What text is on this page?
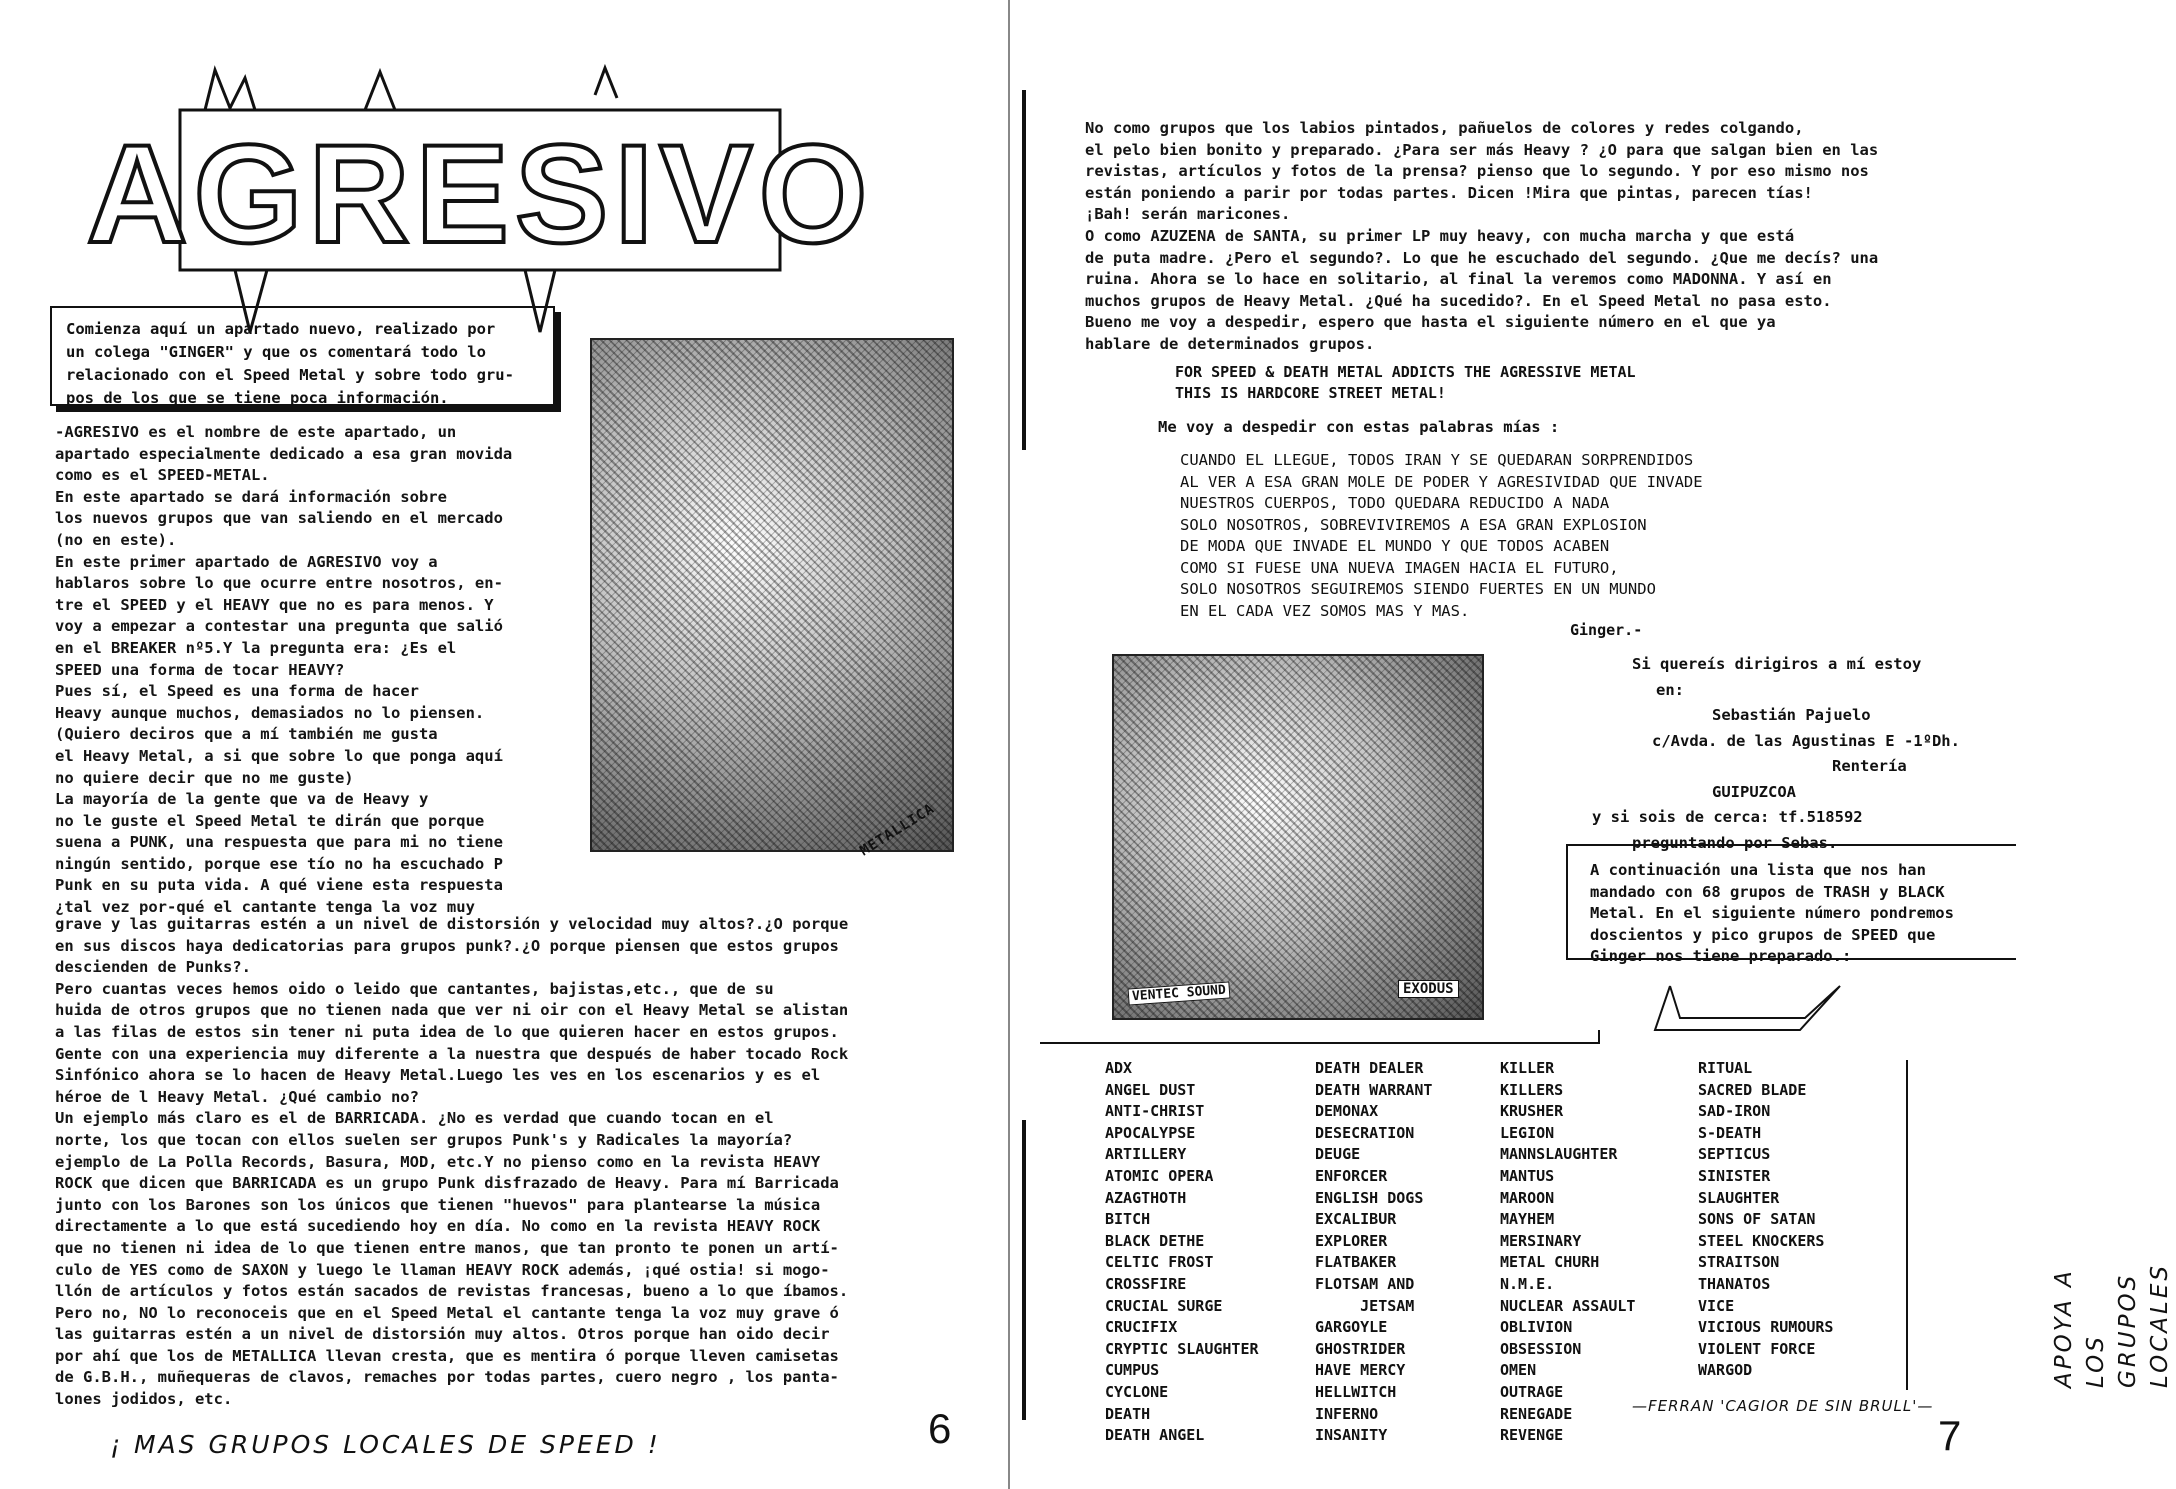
AGRESIVO
Comienza aquí un apartado nuevo, realizado por
un colega "GINGER" y que os comentará todo lo
relacionado con el Speed Metal y sobre todo gru-
pos de los que se tiene poca información.
METALLICA
-AGRESIVO es el nombre de este apartado, un
apartado especialmente dedicado a esa gran movida
como es el SPEED-METAL.
En este apartado se dará información sobre
los nuevos grupos que van saliendo en el mercado
(no en este).
En este primer apartado de AGRESIVO voy a
hablaros sobre lo que ocurre entre nosotros, en-
tre el SPEED y el HEAVY que no es para menos. Y
voy a empezar a contestar una pregunta que salió
en el BREAKER nº5.Y la pregunta era: ¿Es el
SPEED una forma de tocar HEAVY?
Pues sí, el Speed es una forma de hacer
Heavy aunque muchos, demasiados no lo piensen.
(Quiero deciros que a mí también me gusta
el Heavy Metal, a si que sobre lo que ponga aquí
no quiere decir que no me guste)
La mayoría de la gente que va de Heavy y
no le guste el Speed Metal te dirán que porque
suena a PUNK, una respuesta que para mi no tiene
ningún sentido, porque ese tío no ha escuchado P
Punk en su puta vida. A qué viene esta respuesta
¿tal vez por-qué el cantante tenga la voz muy
grave y las guitarras estén a un nivel de distorsión y velocidad muy altos?.¿O porque
en sus discos haya dedicatorias para grupos punk?.¿O porque piensen que estos grupos
descienden de Punks?.
Pero cuantas veces hemos oido o leido que cantantes, bajistas,etc., que de su
huida de otros grupos que no tienen nada que ver ni oir con el Heavy Metal se alistan
a las filas de estos sin tener ni puta idea de lo que quieren hacer en estos grupos.
Gente con una experiencia muy diferente a la nuestra que después de haber tocado Rock
Sinfónico ahora se lo hacen de Heavy Metal.Luego les ves en los escenarios y es el
héroe de l Heavy Metal. ¿Qué cambio no?
Un ejemplo más claro es el de BARRICADA. ¿No es verdad que cuando tocan en el
norte, los que tocan con ellos suelen ser grupos Punk's y Radicales la mayoría?
ejemplo de La Polla Records, Basura, MOD, etc.Y no pienso como en la revista HEAVY
ROCK que dicen que BARRICADA es un grupo Punk disfrazado de Heavy. Para mí Barricada
junto con los Barones son los únicos que tienen "huevos" para plantearse la música
directamente a lo que está sucediendo hoy en día. No como en la revista HEAVY ROCK
que no tienen ni idea de lo que tienen entre manos, que tan pronto te ponen un artí-
culo de YES como de SAXON y luego le llaman HEAVY ROCK además, ¡qué ostia! si mogo-
llón de artículos y fotos están sacados de revistas francesas, bueno a lo que íbamos.
Pero no, NO lo reconoceis que en el Speed Metal el cantante tenga la voz muy grave ó
las guitarras estén a un nivel de distorsión muy altos. Otros porque han oido decir
por ahí que los de METALLICA llevan cresta, que es mentira ó porque lleven camisetas
de G.B.H., muñequeras de clavos, remaches por todas partes, cuero negro , los panta-
lones jodidos, etc.
¡ MAS GRUPOS LOCALES DE SPEED !	6
No como grupos que los labios pintados, pañuelos de colores y redes colgando,
el pelo bien bonito y preparado. ¿Para ser más Heavy ? ¿O para que salgan bien en las
revistas, artículos y fotos de la prensa? pienso que lo segundo. Y por eso mismo nos
están poniendo a parir por todas partes. Dicen !Mira que pintas, parecen tías!
¡Bah! serán maricones.
O como AZUZENA de SANTA, su primer LP muy heavy, con mucha marcha y que está
de puta madre. ¿Pero el segundo?. Lo que he escuchado del segundo. ¿Que me decís? una
ruina. Ahora se lo hace en solitario, al final la veremos como MADONNA. Y así en
muchos grupos de Heavy Metal. ¿Qué ha sucedido?. En el Speed Metal no pasa esto.
Bueno me voy a despedir, espero que hasta el siguiente número en el que ya
hablare de determinados grupos.
FOR SPEED & DEATH METAL ADDICTS THE AGRESSIVE METAL
THIS IS HARDCORE STREET METAL!
Me voy a despedir con estas palabras mías :
CUANDO EL LLEGUE, TODOS IRAN Y SE QUEDARAN SORPRENDIDOS
AL VER A ESA GRAN MOLE DE PODER Y AGRESIVIDAD QUE INVADE
NUESTROS CUERPOS, TODO QUEDARA REDUCIDO A NADA
SOLO NOSOTROS, SOBREVIVIREMOS A ESA GRAN EXPLOSION
DE MODA QUE INVADE EL MUNDO Y QUE TODOS ACABEN
COMO SI FUESE UNA NUEVA IMAGEN HACIA EL FUTURO,
SOLO NOSOTROS SEGUIREMOS SIENDO FUERTES EN UN MUNDO
EN EL CADA VEZ SOMOS MAS Y MAS.
Ginger.-
VENTEC SOUND	EXODUS
Si quereís dirigiros a mí estoy
en:
Sebastián Pajuelo
c/Avda. de las Agustinas E -1ºDh.
Rentería
GUIPUZCOA
y si sois de cerca: tf.518592
preguntando por Sebas.
A continuación una lista que nos han
mandado con 68 grupos de TRASH y BLACK
Metal. En el siguiente número pondremos
doscientos y pico grupos de SPEED que
Ginger nos tiene preparado.:
ADX
ANGEL DUST
ANTI-CHRIST
APOCALYPSE
ARTILLERY
ATOMIC OPERA
AZAGTHOTH
BITCH
BLACK DETHE
CELTIC FROST
CROSSFIRE
CRUCIAL SURGE
CRUCIFIX
CRYPTIC SLAUGHTER
CUMPUS
CYCLONE
DEATH
DEATH ANGEL
DEATH DEALER
DEATH WARRANT
DEMONAX
DESECRATION
DEUGE
ENFORCER
ENGLISH DOGS
EXCALIBUR
EXPLORER
FLATBAKER
FLOTSAM AND
JETSAM
GARGOYLE
GHOSTRIDER
HAVE MERCY
HELLWITCH
INFERNO
INSANITY
KILLER
KILLERS
KRUSHER
LEGION
MANNSLAUGHTER
MANTUS
MAROON
MAYHEM
MERSINARY
METAL CHURH
N.M.E.
NUCLEAR ASSAULT
OBLIVION
OBSESSION
OMEN
OUTRAGE
RENEGADE
REVENGE
RITUAL
SACRED BLADE
SAD-IRON
S-DEATH
SEPTICUS
SINISTER
SLAUGHTER
SONS OF SATAN
STEEL KNOCKERS
STRAITSON
THANATOS
VICE
VICIOUS RUMOURS
VIOLENT FORCE
WARGOD	APOYA A LOS
GRUPOS LOCALES
—FERRAN 'CAGIOR DE SIN BRULL'—
7
